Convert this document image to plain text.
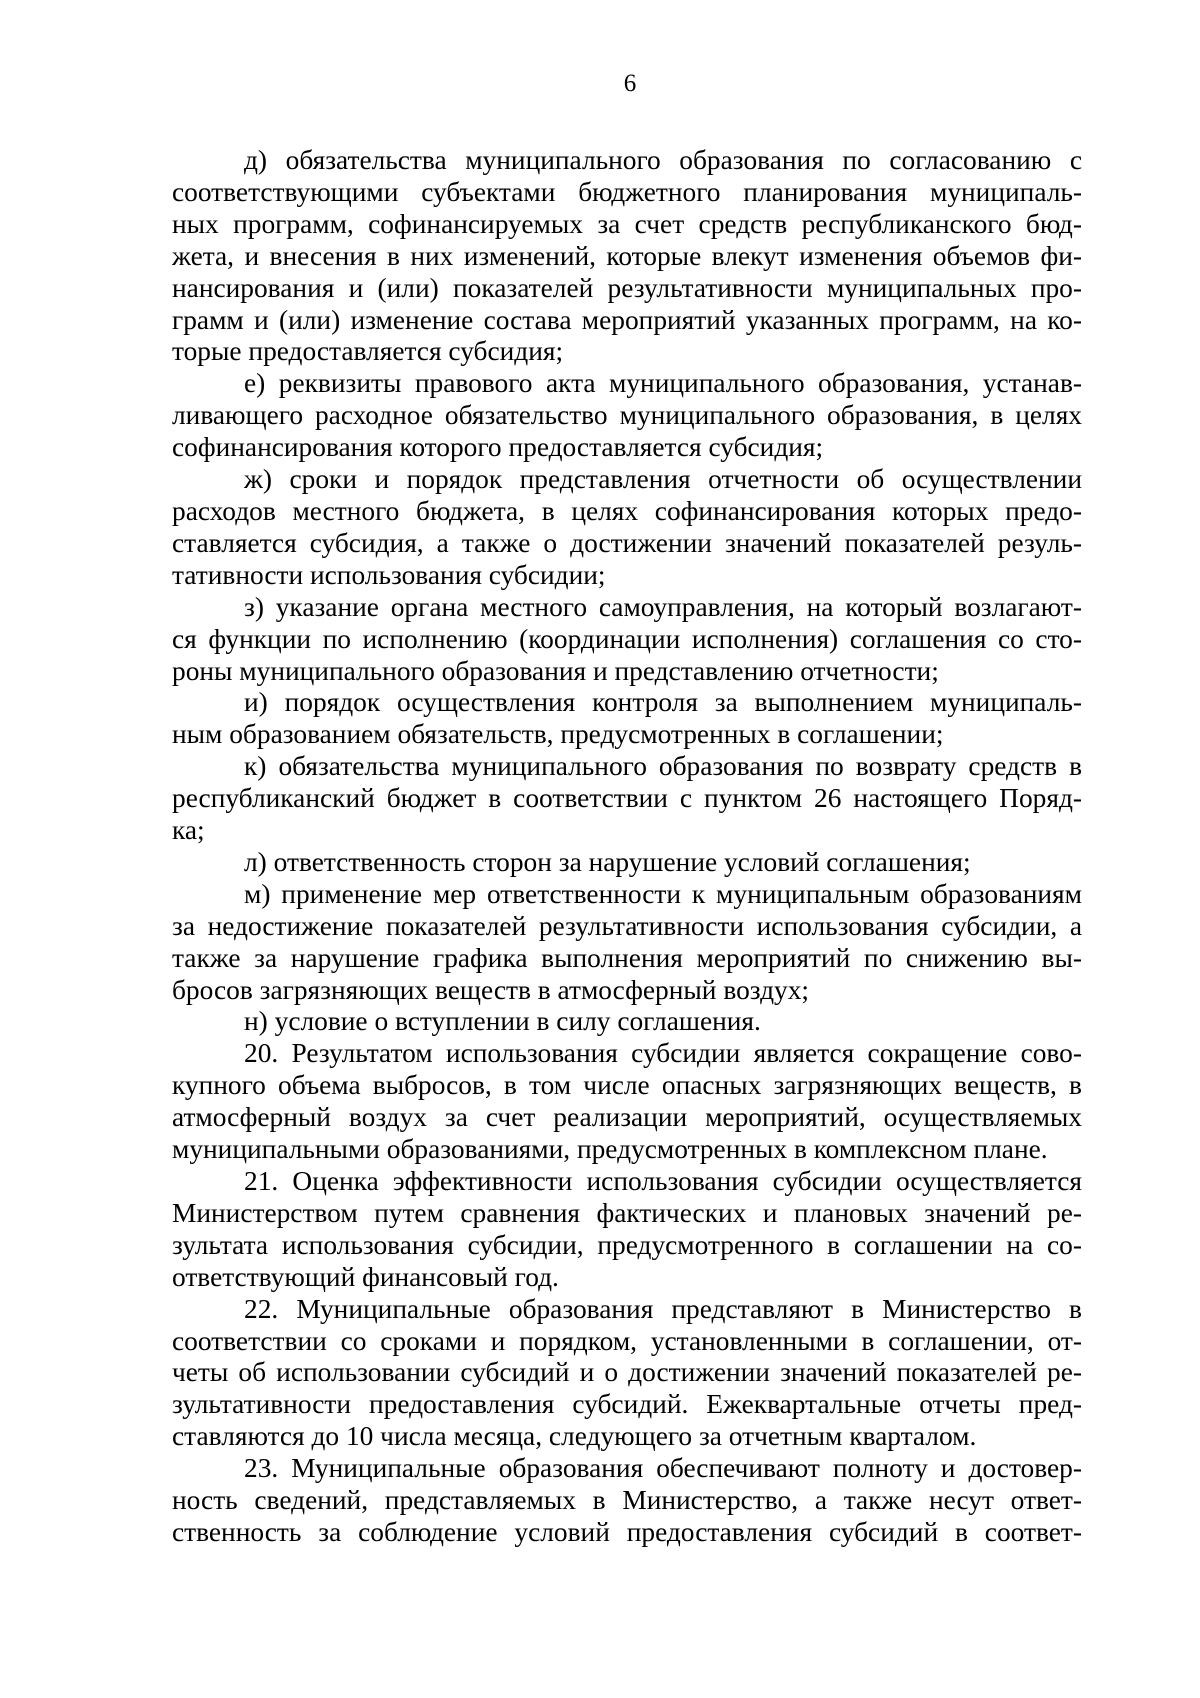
6
д) обязательства муниципального образования по согласованию с
соответствующими субъектами бюджетного планирования муниципаль-
ных программ, софинансируемых за счет средств республиканского бюд-
жета, и внесения в них изменений, которые влекут изменения объемов фи-
нансирования и (или) показателей результативности муниципальных про-
грамм и (или) изменение состава мероприятий указанных программ, на ко-
торые предоставляется субсидия;
е) реквизиты правового акта муниципального образования, устанав-
ливающего расходное обязательство муниципального образования, в целях
софинансирования которого предоставляется субсидия;
ж) сроки и порядок представления отчетности об осуществлении
расходов местного бюджета, в целях софинансирования которых предо-
ставляется субсидия, а также о достижении значений показателей резуль-
тативности использования субсидии;
з) указание органа местного самоуправления, на который возлагают-
ся функции по исполнению (координации исполнения) соглашения со сто-
роны муниципального образования и представлению отчетности;
и) порядок осуществления контроля за выполнением муниципаль-
ным образованием обязательств, предусмотренных в соглашении;
к) обязательства муниципального образования по возврату средств в
республиканский бюджет в соответствии с пунктом 26 настоящего Поряд-
ка;
л) ответственность сторон за нарушение условий соглашения;
м) применение мер ответственности к муниципальным образованиям
за недостижение показателей результативности использования субсидии, а
также за нарушение графика выполнения мероприятий по снижению вы-
бросов загрязняющих веществ в атмосферный воздух;
н) условие о вступлении в силу соглашения.
20. Результатом использования субсидии является сокращение сово-
купного объема выбросов, в том числе опасных загрязняющих веществ, в
атмосферный воздух за счет реализации мероприятий, осуществляемых
муниципальными образованиями, предусмотренных в комплексном плане.
21. Оценка эффективности использования субсидии осуществляется
Министерством путем сравнения фактических и плановых значений ре-
зультата использования субсидии, предусмотренного в соглашении на со-
ответствующий финансовый год.
22. Муниципальные образования представляют в Министерство в
соответствии со сроками и порядком, установленными в соглашении, от-
четы об использовании субсидий и о достижении значений показателей ре-
зультативности предоставления субсидий. Ежеквартальные отчеты пред-
ставляются до 10 числа месяца, следующего за отчетным кварталом.
23. Муниципальные образования обеспечивают полноту и достовер-
ность сведений, представляемых в Министерство, а также несут ответ-
ственность за соблюдение условий предоставления субсидий в соответ-
